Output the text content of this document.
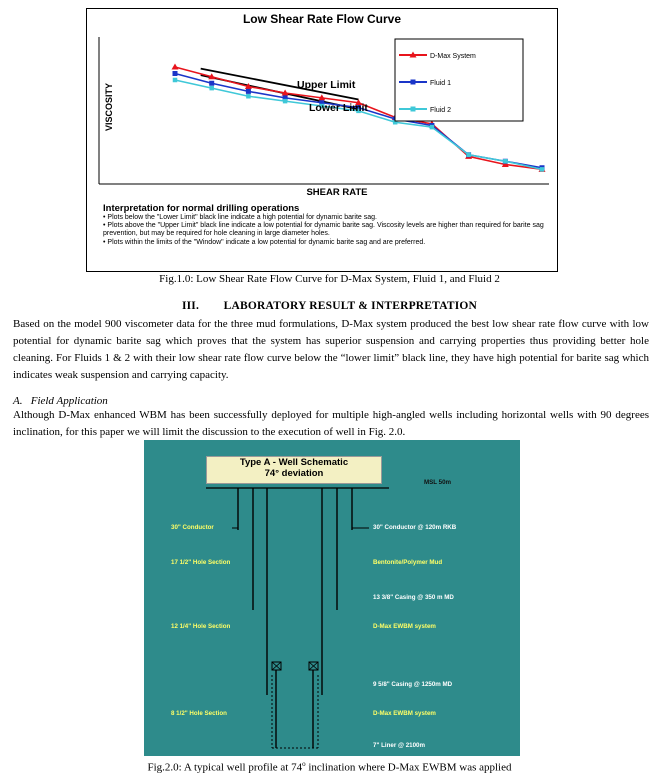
D-Max System
Fluid 1
Fluid 2
VISCOSITY
SHEAR RATE
Upper Limit
Lower Limit
Low Shear Rate Flow Curve
Interpretation for normal drilling operations
• Plots below the "Lower Limit" black line indicate a high potential for dynamic barite sag.
• Plots above the "Upper Limit" black line indicate a low potential for dynamic barite sag. Viscosity levels are higher than required for barite sag prevention, but may be required for hole cleaning in large diameter holes.
• Plots within the limits of the "Window" indicate a low potential for dynamic barite sag and are preferred.
Fig.1.0: Low Shear Rate Flow Curve for D-Max System, Fluid 1, and Fluid 2
III.        LABORATORY RESULT & INTERPRETATION
Based on the model 900 viscometer data for the three mud formulations, D-Max system produced the best low shear rate flow curve with low potential for dynamic barite sag which proves that the system has superior suspension and carrying properties thus providing better hole cleaning. For Fluids 1 & 2 with their low shear rate flow curve below the “lower limit” black line, they have high potential for barite sag which indicates weak suspension and carrying capacity.
A.   Field Application
Although D-Max enhanced WBM has been successfully deployed for multiple high-angled wells including horizontal wells with 90 degrees inclination, for this paper we will limit the discussion to the execution of well in Fig. 2.0.
Type A - Well Schematic
74° deviation
MSL 50m
30" Conductor
17 1/2" Hole Section
12 1/4" Hole Section
8 1/2" Hole Section
30" Conductor @ 120m RKB
Bentonite/Polymer Mud
13 3/8" Casing @ 350 m MD
D-Max EWBM system
9 5/8" Casing @ 1250m MD
D-Max EWBM system
7" Liner @ 2100m
Fig.2.0: A typical well profile at 74$^o$ inclination where D-Max EWBM was applied
